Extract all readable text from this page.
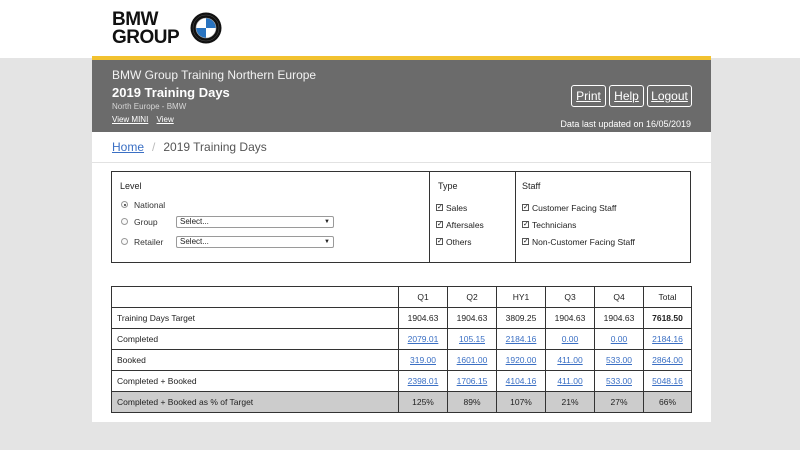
BMW
GROUP
BMW Group Training Northern Europe
2019 Training Days
North Europe - BMW
View MINI View
Print	Help	Logout
Data last updated on 16/05/2019
Home / 2019 Training Days
Level
National
Group	Select...	▼
Retailer	Select...	▼
Type
✓ Sales
✓ Aftersales
✓ Others
Staff
✓ Customer Facing Staff
✓ Technicians
✓ Non-Customer Facing Staff
	Q1	Q2	HY1	Q3	Q4	Total
Training Days Target	1904.63	1904.63	3809.25	1904.63	1904.63	7618.50
Completed	2079.01	105.15	2184.16	0.00	0.00	2184.16
Booked	319.00	1601.00	1920.00	411.00	533.00	2864.00
Completed + Booked	2398.01	1706.15	4104.16	411.00	533.00	5048.16
Completed + Booked as % of Target	125%	89%	107%	21%	27%	66%
